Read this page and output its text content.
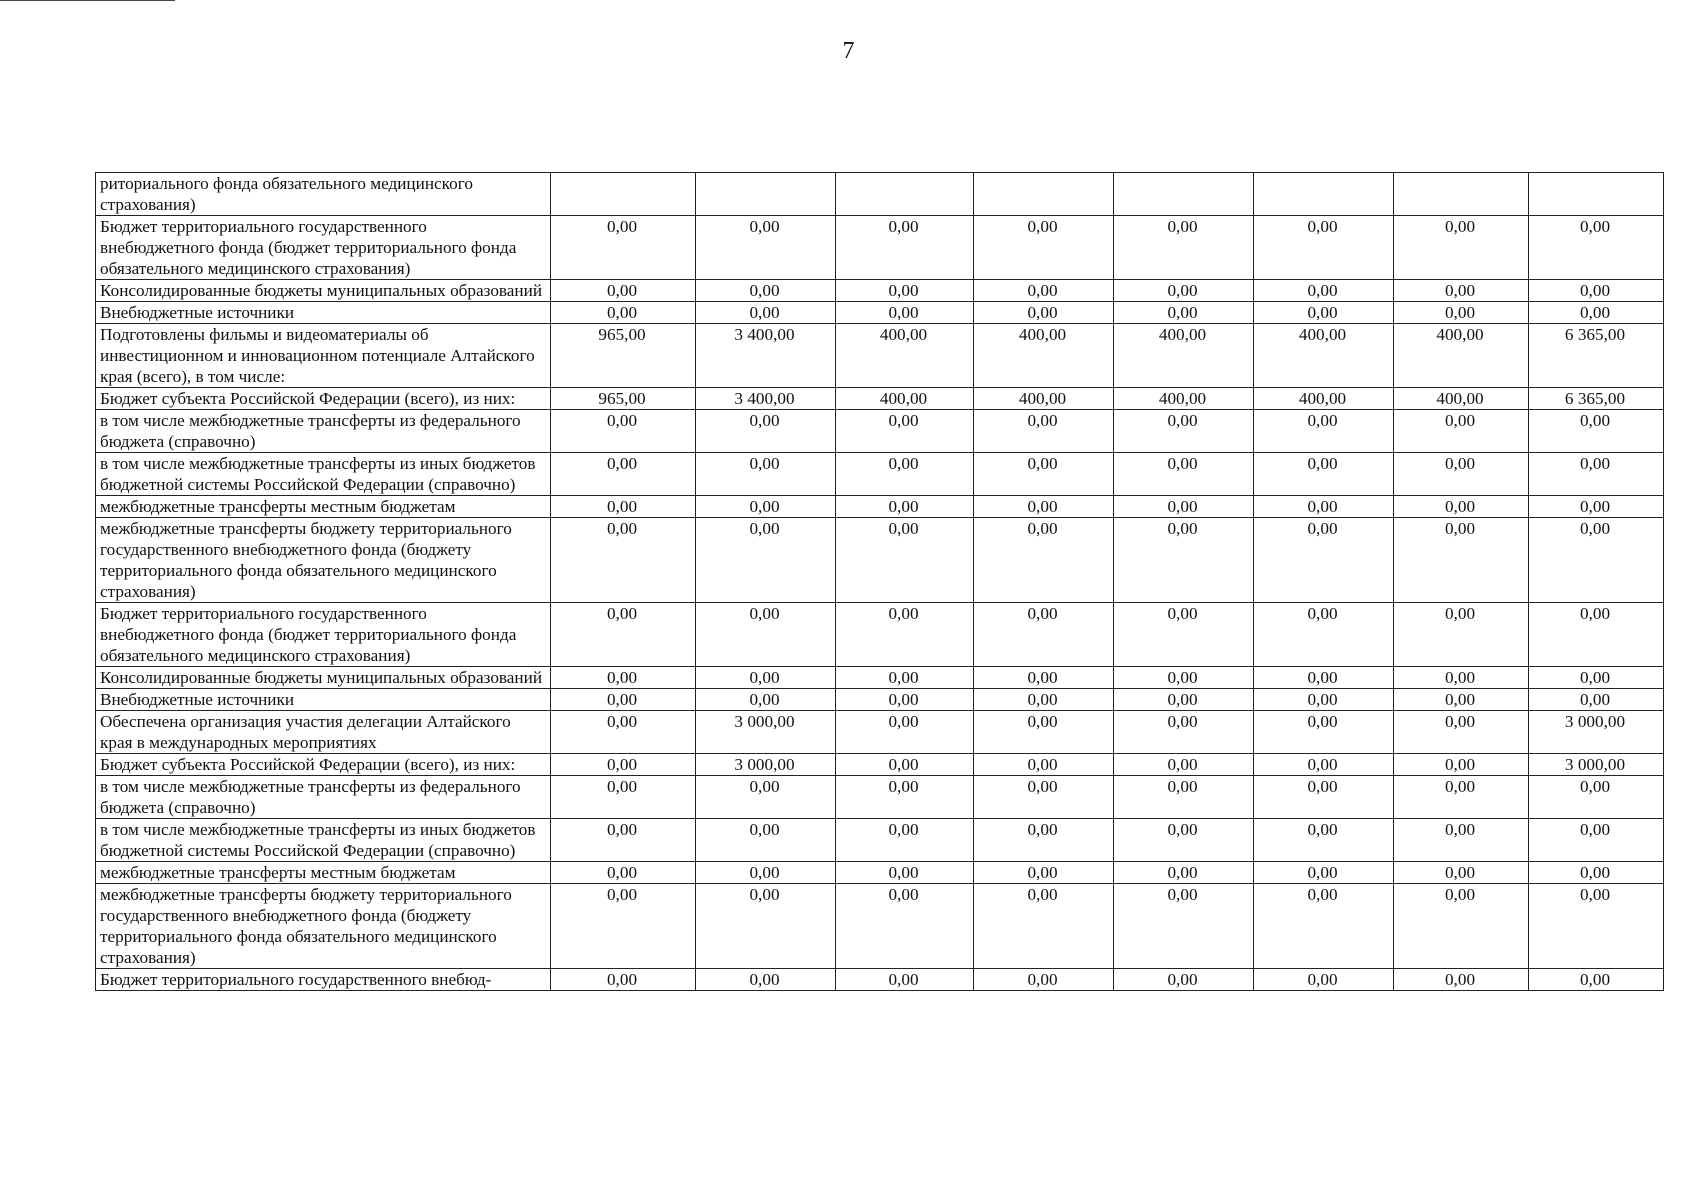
7
риториального фонда обязательного медицинского страхования)								
Бюджет территориального государственного внебюджетного фонда (бюджет территориального фонда обязательного медицинского страхования)	0,00	0,00	0,00	0,00	0,00	0,00	0,00	0,00
Консолидированные бюджеты муниципальных образований	0,00	0,00	0,00	0,00	0,00	0,00	0,00	0,00
Внебюджетные источники	0,00	0,00	0,00	0,00	0,00	0,00	0,00	0,00
Подготовлены фильмы и видеоматериалы об инвестиционном и инновационном потенциале Алтайского края (всего), в том числе:	965,00	3 400,00	400,00	400,00	400,00	400,00	400,00	6 365,00
Бюджет субъекта Российской Федерации (всего), из них:	965,00	3 400,00	400,00	400,00	400,00	400,00	400,00	6 365,00
в том числе межбюджетные трансферты из федерального бюджета (справочно)	0,00	0,00	0,00	0,00	0,00	0,00	0,00	0,00
в том числе межбюджетные трансферты из иных бюджетов бюджетной системы Российской Федерации (справочно)	0,00	0,00	0,00	0,00	0,00	0,00	0,00	0,00
межбюджетные трансферты местным бюджетам	0,00	0,00	0,00	0,00	0,00	0,00	0,00	0,00
межбюджетные трансферты бюджету территориального государственного внебюджетного фонда (бюджету территориального фонда обязательного медицинского страхования)	0,00	0,00	0,00	0,00	0,00	0,00	0,00	0,00
Бюджет территориального государственного внебюджетного фонда (бюджет территориального фонда обязательного медицинского страхования)	0,00	0,00	0,00	0,00	0,00	0,00	0,00	0,00
Консолидированные бюджеты муниципальных образований	0,00	0,00	0,00	0,00	0,00	0,00	0,00	0,00
Внебюджетные источники	0,00	0,00	0,00	0,00	0,00	0,00	0,00	0,00
Обеспечена организация участия делегации Алтайского края в международных мероприятиях	0,00	3 000,00	0,00	0,00	0,00	0,00	0,00	3 000,00
Бюджет субъекта Российской Федерации (всего), из них:	0,00	3 000,00	0,00	0,00	0,00	0,00	0,00	3 000,00
в том числе межбюджетные трансферты из федерального бюджета (справочно)	0,00	0,00	0,00	0,00	0,00	0,00	0,00	0,00
в том числе межбюджетные трансферты из иных бюджетов бюджетной системы Российской Федерации (справочно)	0,00	0,00	0,00	0,00	0,00	0,00	0,00	0,00
межбюджетные трансферты местным бюджетам	0,00	0,00	0,00	0,00	0,00	0,00	0,00	0,00
межбюджетные трансферты бюджету территориального государственного внебюджетного фонда (бюджету территориального фонда обязательного медицинского страхования)	0,00	0,00	0,00	0,00	0,00	0,00	0,00	0,00
Бюджет территориального государственного внебюд-	0,00	0,00	0,00	0,00	0,00	0,00	0,00	0,00
